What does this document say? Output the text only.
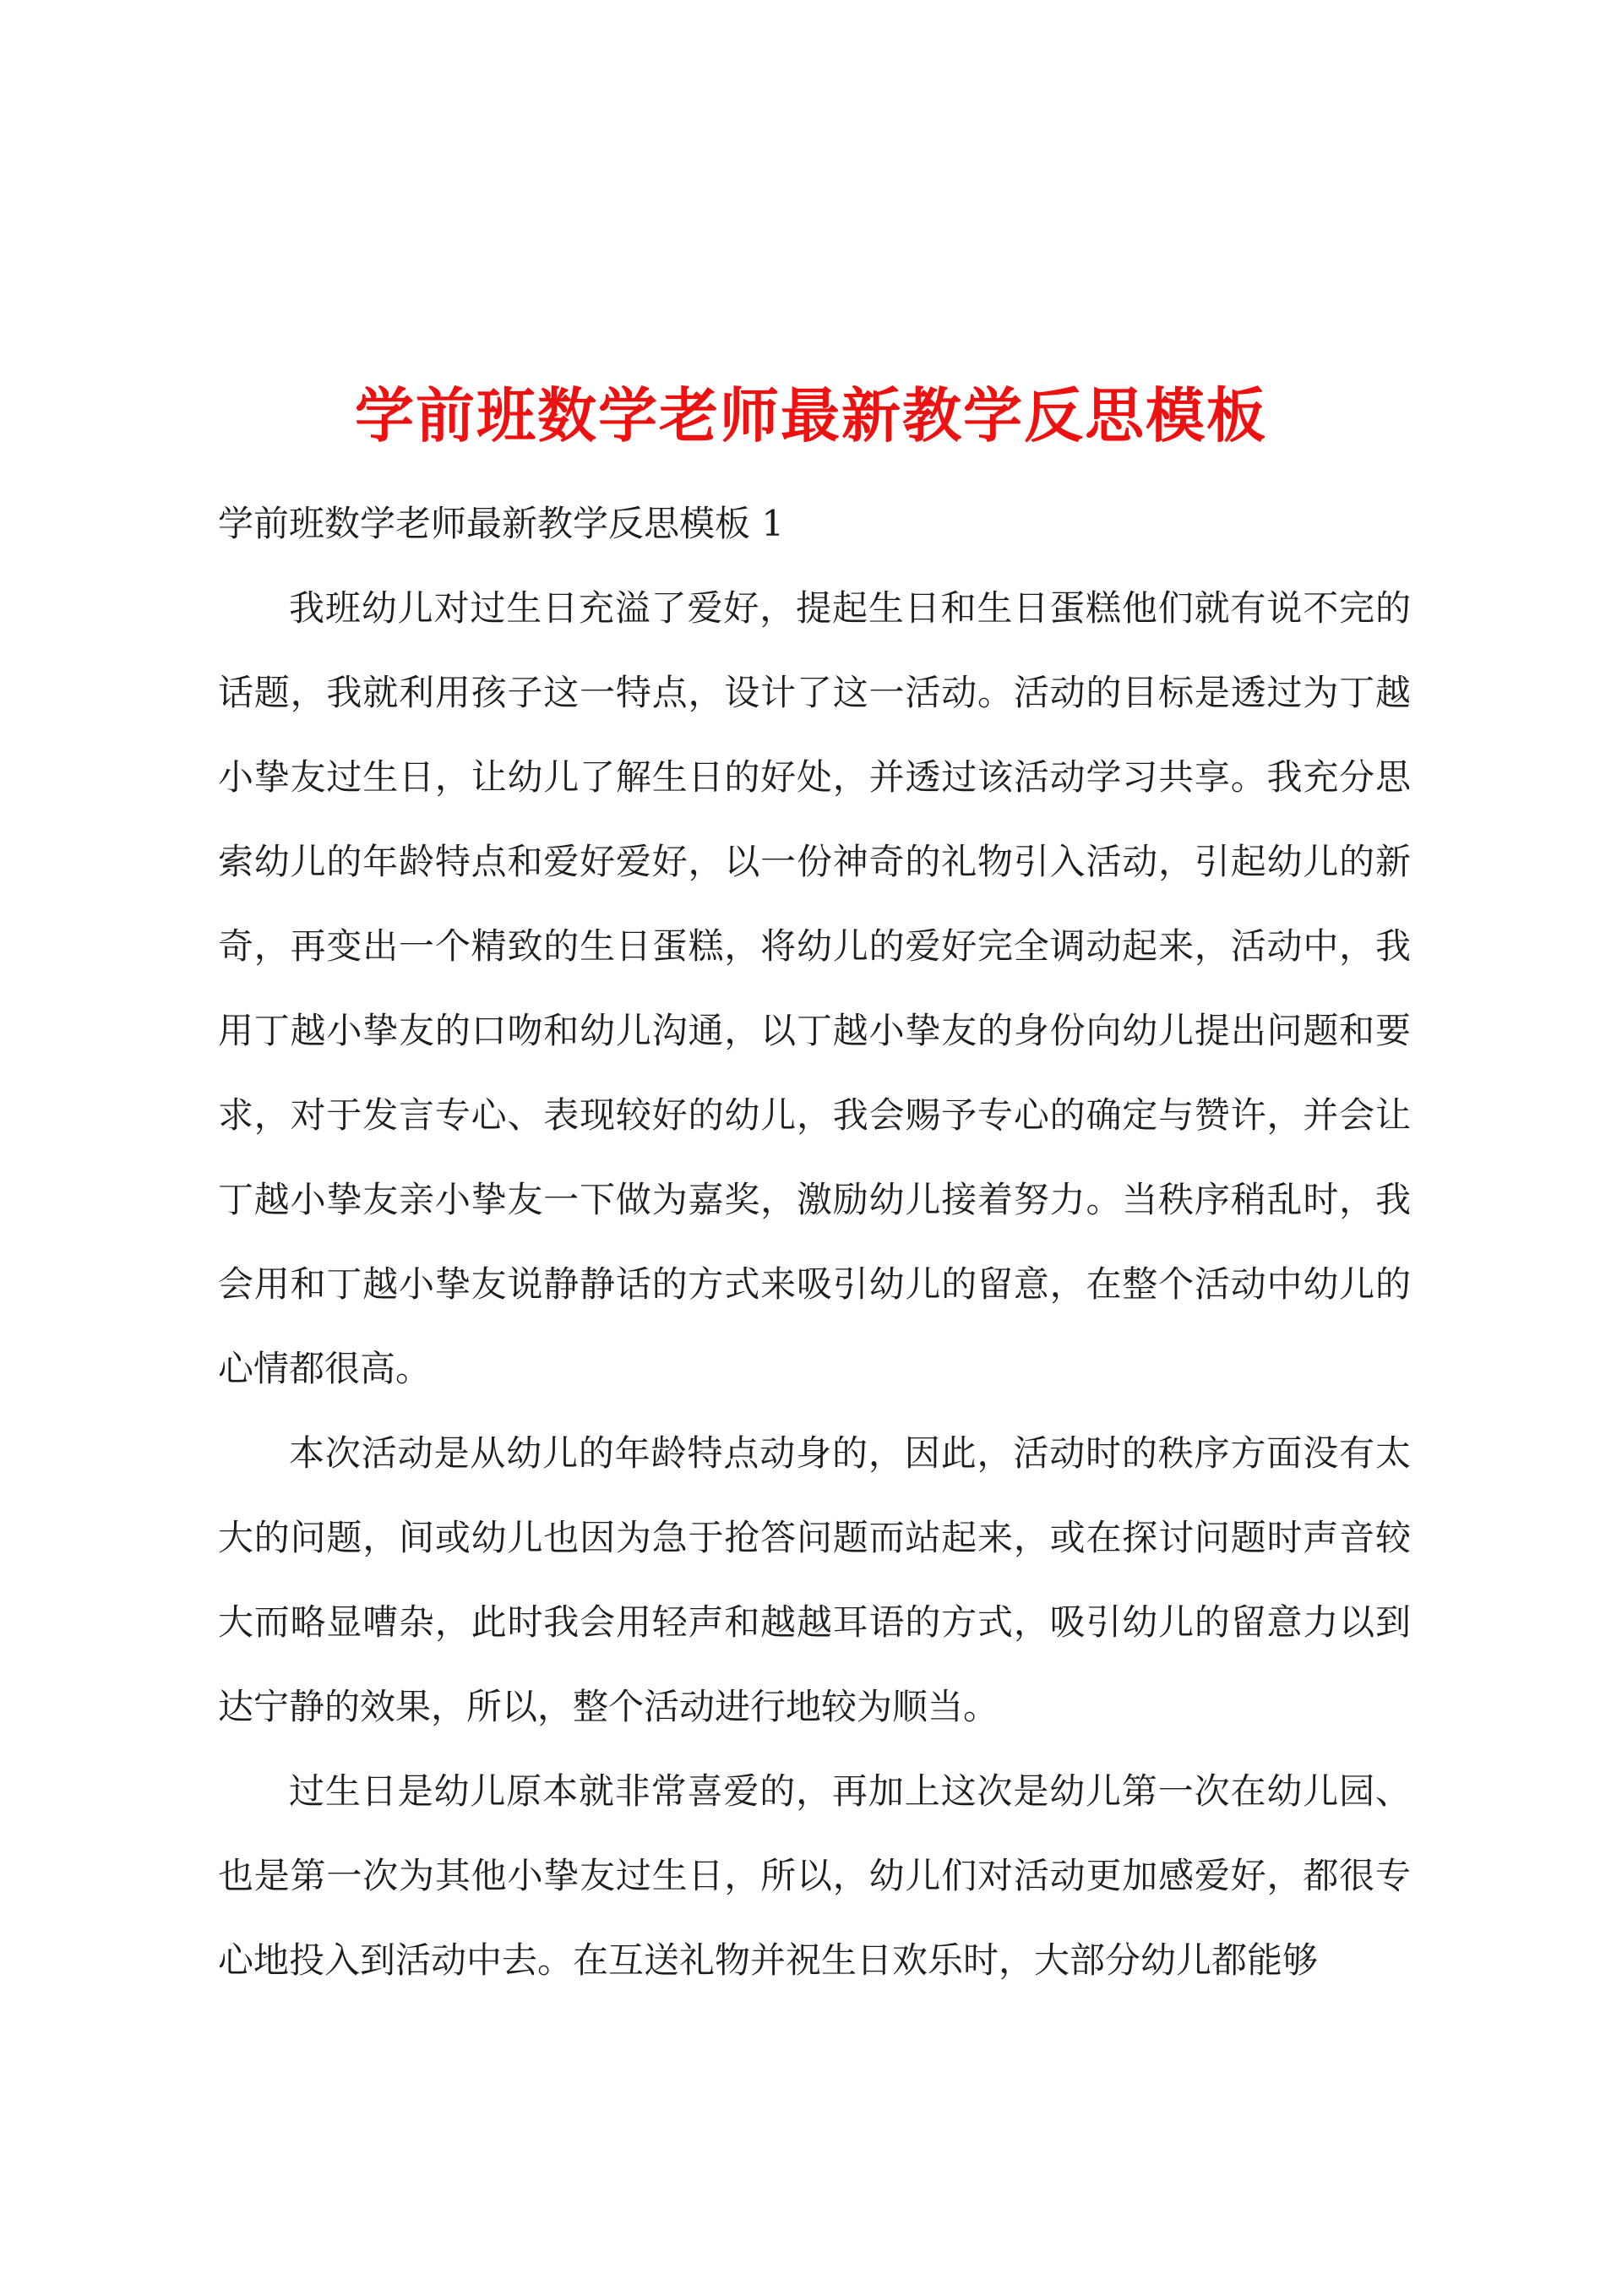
学前班数学老师最新教学反思模板

学前班数学老师最新教学反思模板 1

我班幼儿对过生日充溢了爱好，提起生日和生日蛋糕他们就有说不完的话题，我就利用孩子这一特点，设计了这一活动。活动的目标是透过为丁越小挚友过生日，让幼儿了解生日的好处，并透过该活动学习共享。我充分思索幼儿的年龄特点和爱好爱好，以一份神奇的礼物引入活动，引起幼儿的新奇，再变出一个精致的生日蛋糕，将幼儿的爱好完全调动起来，活动中，我用丁越小挚友的口吻和幼儿沟通，以丁越小挚友的身份向幼儿提出问题和要求，对于发言专心、表现较好的幼儿，我会赐予专心的确定与赞许，并会让丁越小挚友亲小挚友一下做为嘉奖，激励幼儿接着努力。当秩序稍乱时，我会用和丁越小挚友说静静话的方式来吸引幼儿的留意，在整个活动中幼儿的心情都很高。

本次活动是从幼儿的年龄特点动身的，因此，活动时的秩序方面没有太大的问题，间或幼儿也因为急于抢答问题而站起来，或在探讨问题时声音较大而略显嘈杂，此时我会用轻声和越越耳语的方式，吸引幼儿的留意力以到达宁静的效果，所以，整个活动进行地较为顺当。

过生日是幼儿原本就非常喜爱的，再加上这次是幼儿第一次在幼儿园、也是第一次为其他小挚友过生日，所以，幼儿们对活动更加感爱好，都很专心地投入到活动中去。在互送礼物并祝生日欢乐时，大部分幼儿都能够
